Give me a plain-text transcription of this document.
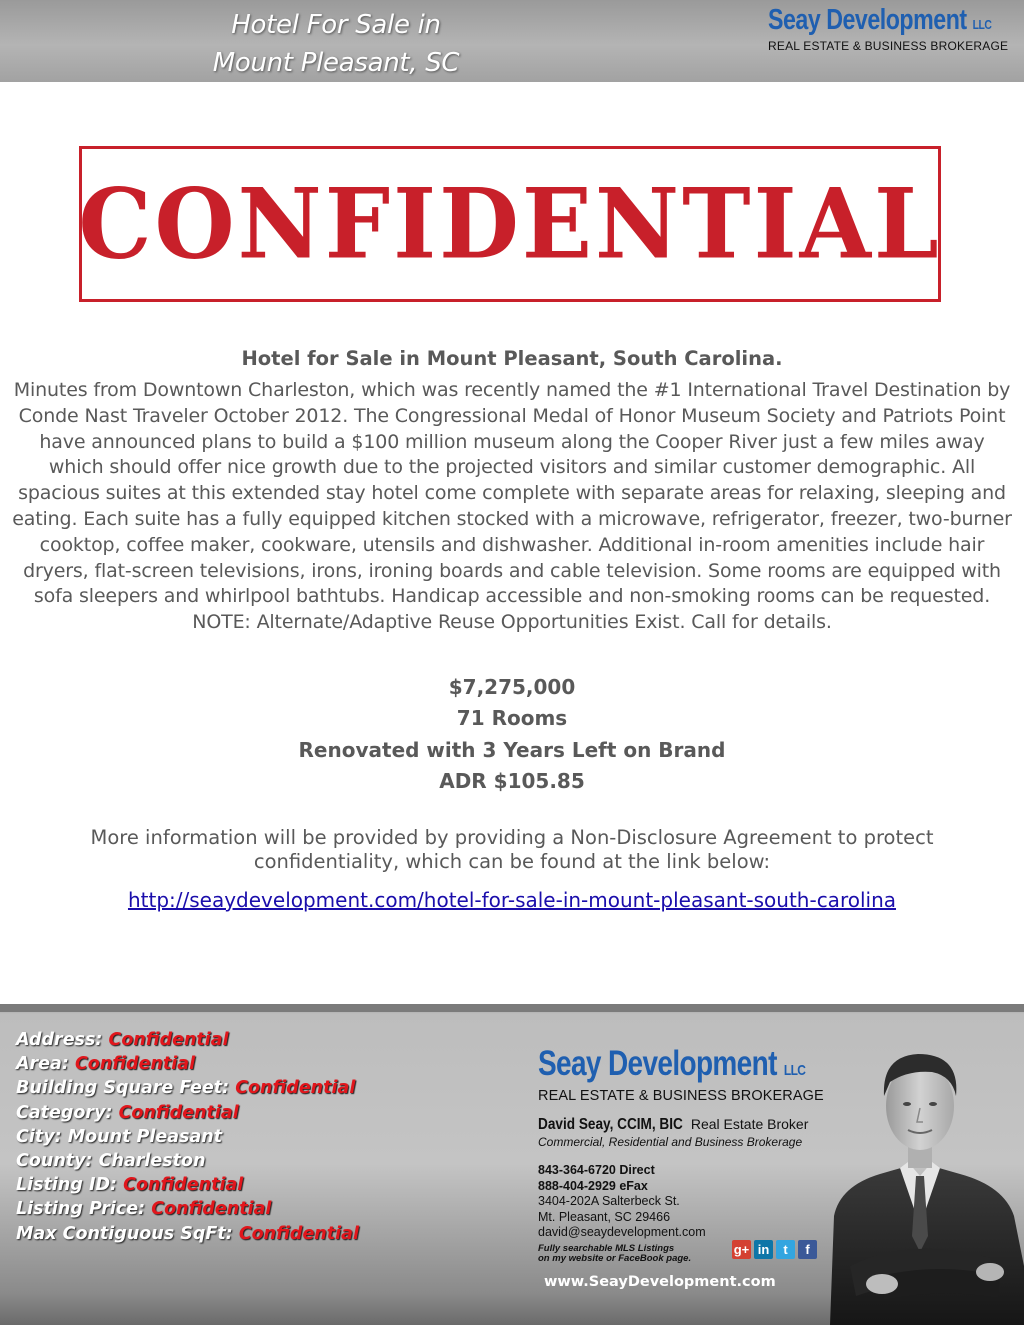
Hotel For Sale in
Mount Pleasant, SC
Seay Development LLC
REAL ESTATE & BUSINESS BROKERAGE
CONFIDENTIAL

Hotel for Sale in Mount Pleasant, South Carolina.

Minutes from Downtown Charleston, which was recently named the #1 International Travel Destination by Conde Nast Traveler October 2012. The Congressional Medal of Honor Museum Society and Patriots Point have announced plans to build a $100 million museum along the Cooper River just a few miles away which should offer nice growth due to the projected visitors and similar customer demographic. All spacious suites at this extended stay hotel come complete with separate areas for relaxing, sleeping and eating. Each suite has a fully equipped kitchen stocked with a microwave, refrigerator, freezer, two-burner cooktop, coffee maker, cookware, utensils and dishwasher. Additional in-room amenities include hair dryers, flat-screen televisions, irons, ironing boards and cable television. Some rooms are equipped with sofa sleepers and whirlpool bathtubs. Handicap accessible and non-smoking rooms can be requested. NOTE: Alternate/Adaptive Reuse Opportunities Exist. Call for details.

$7,275,000
71 Rooms
Renovated with 3 Years Left on Brand
ADR $105.85
More information will be provided by providing a Non-Disclosure Agreement to protect confidentiality, which can be found at the link below:
http://seaydevelopment.com/hotel-for-sale-in-mount-pleasant-south-carolina
Address: Confidential
Area: Confidential
Building Square Feet: Confidential
Category: Confidential
City: Mount Pleasant
County: Charleston
Listing ID: Confidential
Listing Price: Confidential
Max Contiguous SqFt: Confidential
Seay Development LLC
REAL ESTATE & BUSINESS BROKERAGE
David Seay, CCIM, BIC Real Estate Broker
Commercial, Residential and Business Brokerage
843-364-6720 Direct
888-404-2929 eFax
3404-202A Salterbeck St.
Mt. Pleasant, SC 29466
david@seaydevelopment.com
Fully searchable MLS Listings
on my website or FaceBook page.
www.SeayDevelopment.com
g+ in	t	f
